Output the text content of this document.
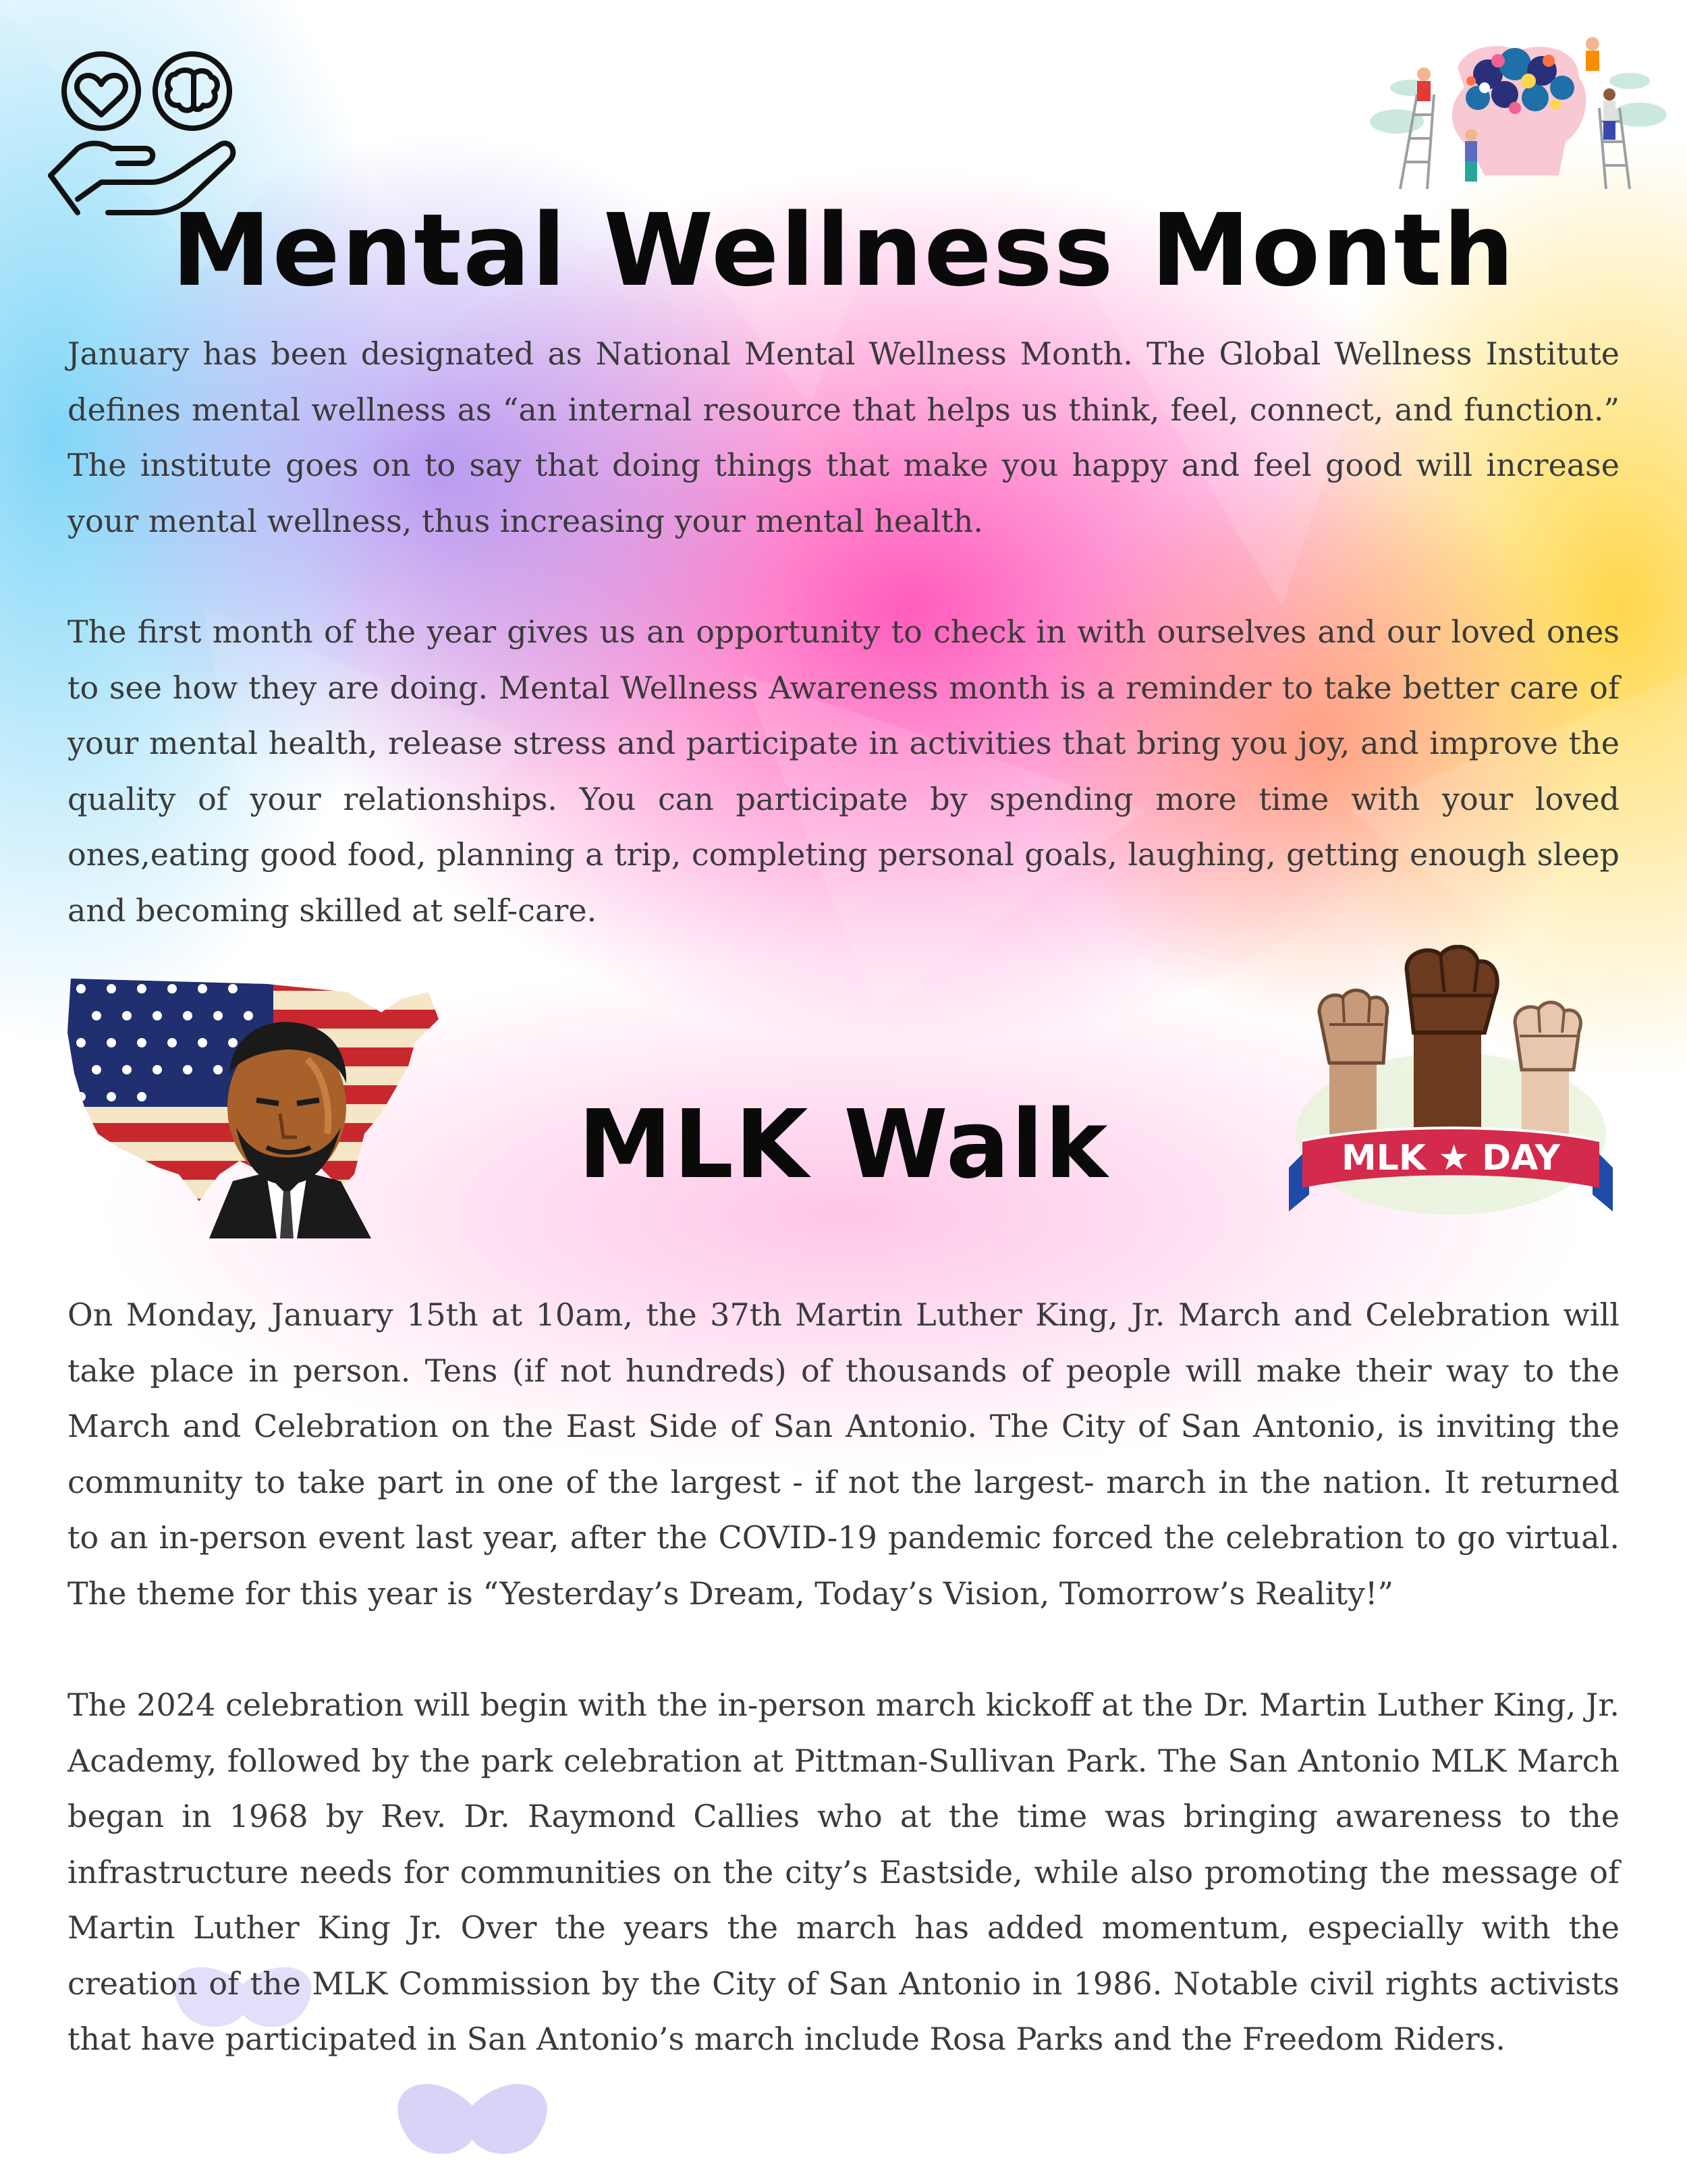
Mental Wellness Month

January has been designated as National Mental Wellness Month. The Global Wellness Institute defines mental wellness as “an internal resource that helps us think, feel, connect, and function.” The institute goes on to say that doing things that make you happy and feel good will increase your mental wellness, thus increasing your mental health.

The first month of the year gives us an opportunity to check in with ourselves and our loved ones to see how they are doing. Mental Wellness Awareness month is a reminder to take better care of your mental health, release stress and participate in activities that bring you joy, and improve the quality of your relationships. You can participate by spending more time with your loved ones,eating good food, planning a trip, completing personal goals, laughing, getting enough sleep and becoming skilled at self-care.

MLK Walk	MLK ★ DAY

On Monday, January 15th at 10am, the 37th Martin Luther King, Jr. March and Celebration will take place in person. Tens (if not hundreds) of thousands of people will make their way to the March and Celebration on the East Side of San Antonio. The City of San Antonio, is inviting the community to take part in one of the largest - if not the largest- march in the nation. It returned to an in-person event last year, after the COVID-19 pandemic forced the celebration to go virtual. The theme for this year is “Yesterday’s Dream, Today’s Vision, Tomorrow’s Reality!”

The 2024 celebration will begin with the in-person march kickoff at the Dr. Martin Luther King, Jr. Academy, followed by the park celebration at Pittman-Sullivan Park. The San Antonio MLK March began in 1968 by Rev. Dr. Raymond Callies who at the time was bringing awareness to the infrastructure needs for communities on the city’s Eastside, while also promoting the message of Martin Luther King Jr. Over the years the march has added momentum, especially with the creation of the MLK Commission by the City of San Antonio in 1986. Notable civil rights activists that have participated in San Antonio’s march include Rosa Parks and the Freedom Riders.
